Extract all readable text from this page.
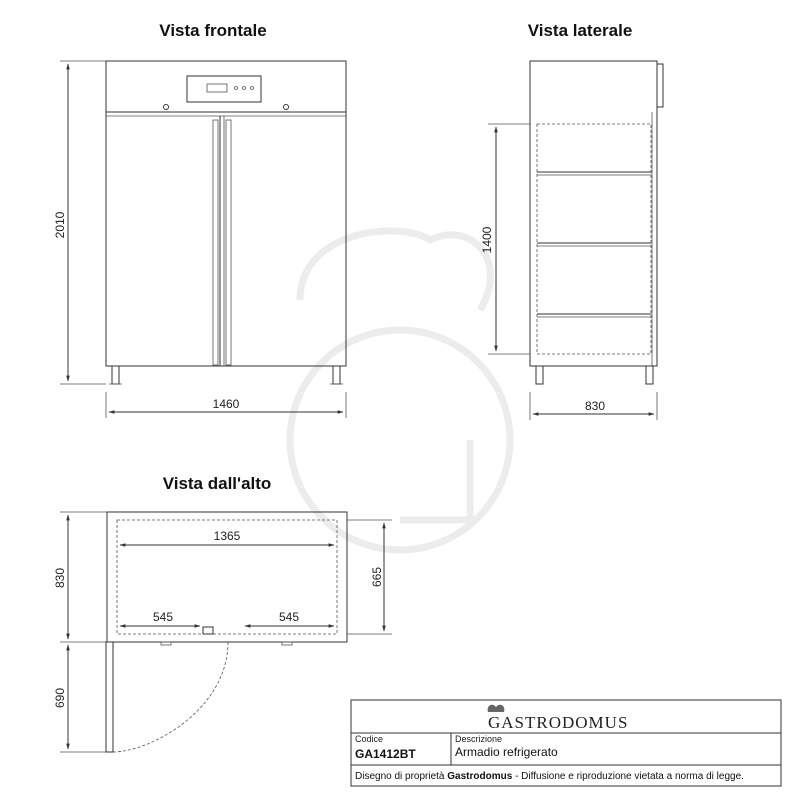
Vista frontale	Vista laterale
Vista dall'alto
2010
1460
1400
830
1365
545	545
830	665
690
GASTRODOMUS
Codice
GA1412BT
Descrizione
Armadio refrigerato
Disegno di proprietà Gastrodomus - Diffusione e riproduzione vietata a norma di legge.
